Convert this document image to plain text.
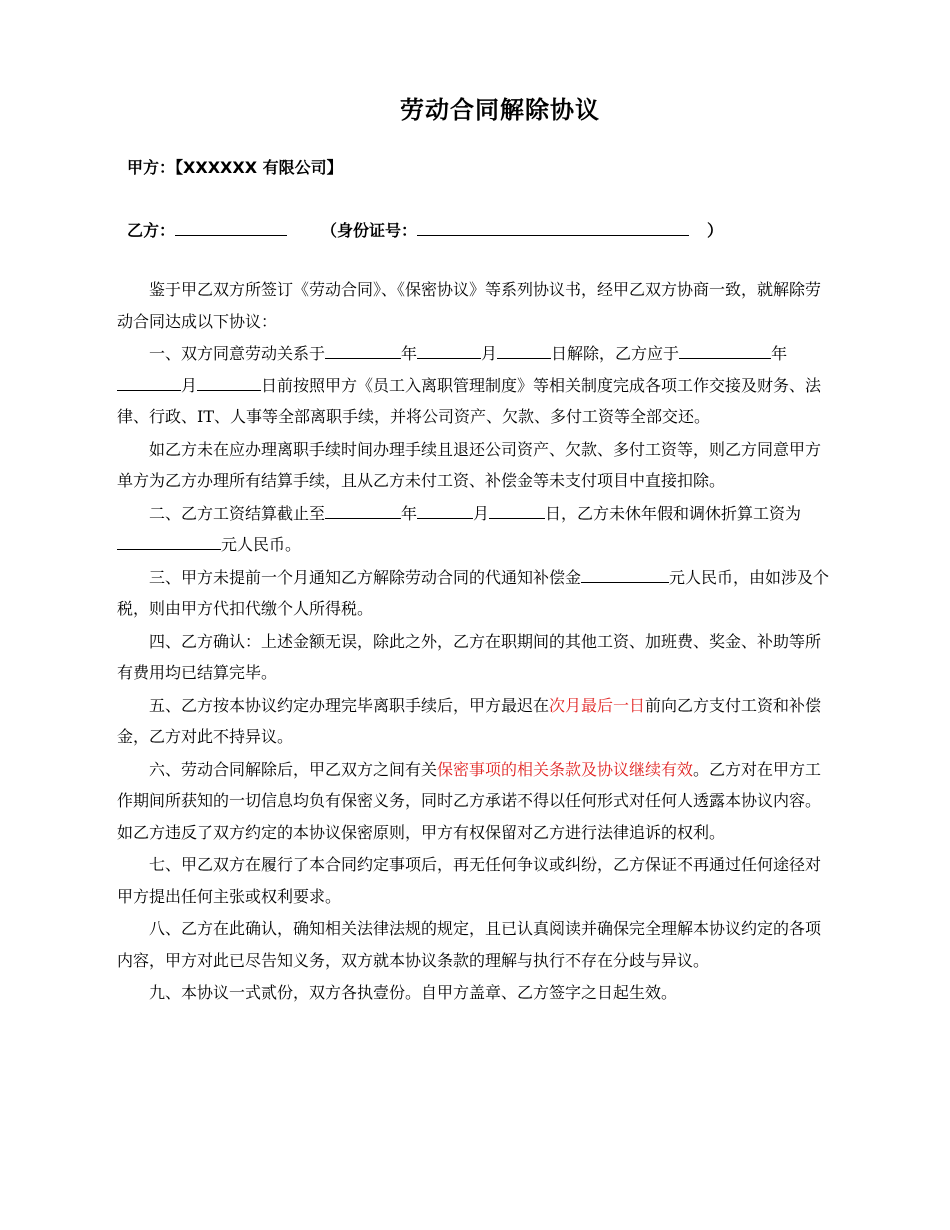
劳动合同解除协议
甲方：【XXXXXX 有限公司】
乙方：	（身份证号：	）

鉴于甲乙双方所签订《劳动合同》、《保密协议》等系列协议书，经甲乙双方协商一致，就解除劳动合同达成以下协议：

一、双方同意劳动关系于	年	月	日解除，乙方应于	年月	日前按照甲方《员工入离职管理制度》等相关制度完成各项工作交接及财务、法律、行政、IT、人事等全部离职手续，并将公司资产、欠款、多付工资等全部交还。

如乙方未在应办理离职手续时间办理手续且退还公司资产、欠款、多付工资等，则乙方同意甲方单方为乙方办理所有结算手续，且从乙方未付工资、补偿金等未支付项目中直接扣除。

二、乙方工资结算截止至	年	月	日，乙方未休年假和调休折算工资为元人民币。

三、甲方未提前一个月通知乙方解除劳动合同的代通知补偿金	元人民币，由如涉及个税，则由甲方代扣代缴个人所得税。

四、乙方确认：上述金额无误，除此之外，乙方在职期间的其他工资、加班费、奖金、补助等所有费用均已结算完毕。

五、乙方按本协议约定办理完毕离职手续后，甲方最迟在次月最后一日前向乙方支付工资和补偿金，乙方对此不持异议。

六、劳动合同解除后，甲乙双方之间有关保密事项的相关条款及协议继续有效。乙方对在甲方工作期间所获知的一切信息均负有保密义务，同时乙方承诺不得以任何形式对任何人透露本协议内容。如乙方违反了双方约定的本协议保密原则，甲方有权保留对乙方进行法律追诉的权利。

七、甲乙双方在履行了本合同约定事项后，再无任何争议或纠纷，乙方保证不再通过任何途径对甲方提出任何主张或权利要求。

八、乙方在此确认，确知相关法律法规的规定，且已认真阅读并确保完全理解本协议约定的各项内容，甲方对此已尽告知义务，双方就本协议条款的理解与执行不存在分歧与异议。

九、本协议一式贰份，双方各执壹份。自甲方盖章、乙方签字之日起生效。
